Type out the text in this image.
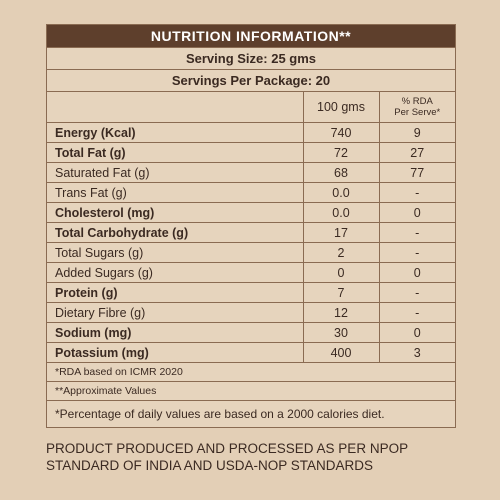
NUTRITION INFORMATION**
Serving Size: 25 gms
Servings Per Package: 20
	100 gms	% RDA
Per Serve*

Energy (Kcal)	740	9
Total Fat (g)	72	27
Saturated Fat (g)	68	77
Trans Fat (g)	0.0	-
Cholesterol (mg)	0.0	0
Total Carbohydrate (g)	17	-
Total Sugars (g)	2	-
Added Sugars (g)	0	0
Protein (g)	7	-
Dietary Fibre (g)	12	-
Sodium (mg)	30	0
Potassium (mg)	400	3
*RDA based on ICMR 2020
**Approximate Values
*Percentage of daily values are based on a 2000 calories diet.
PRODUCT PRODUCED AND PROCESSED AS PER NPOP
STANDARD OF INDIA AND USDA-NOP STANDARDS
